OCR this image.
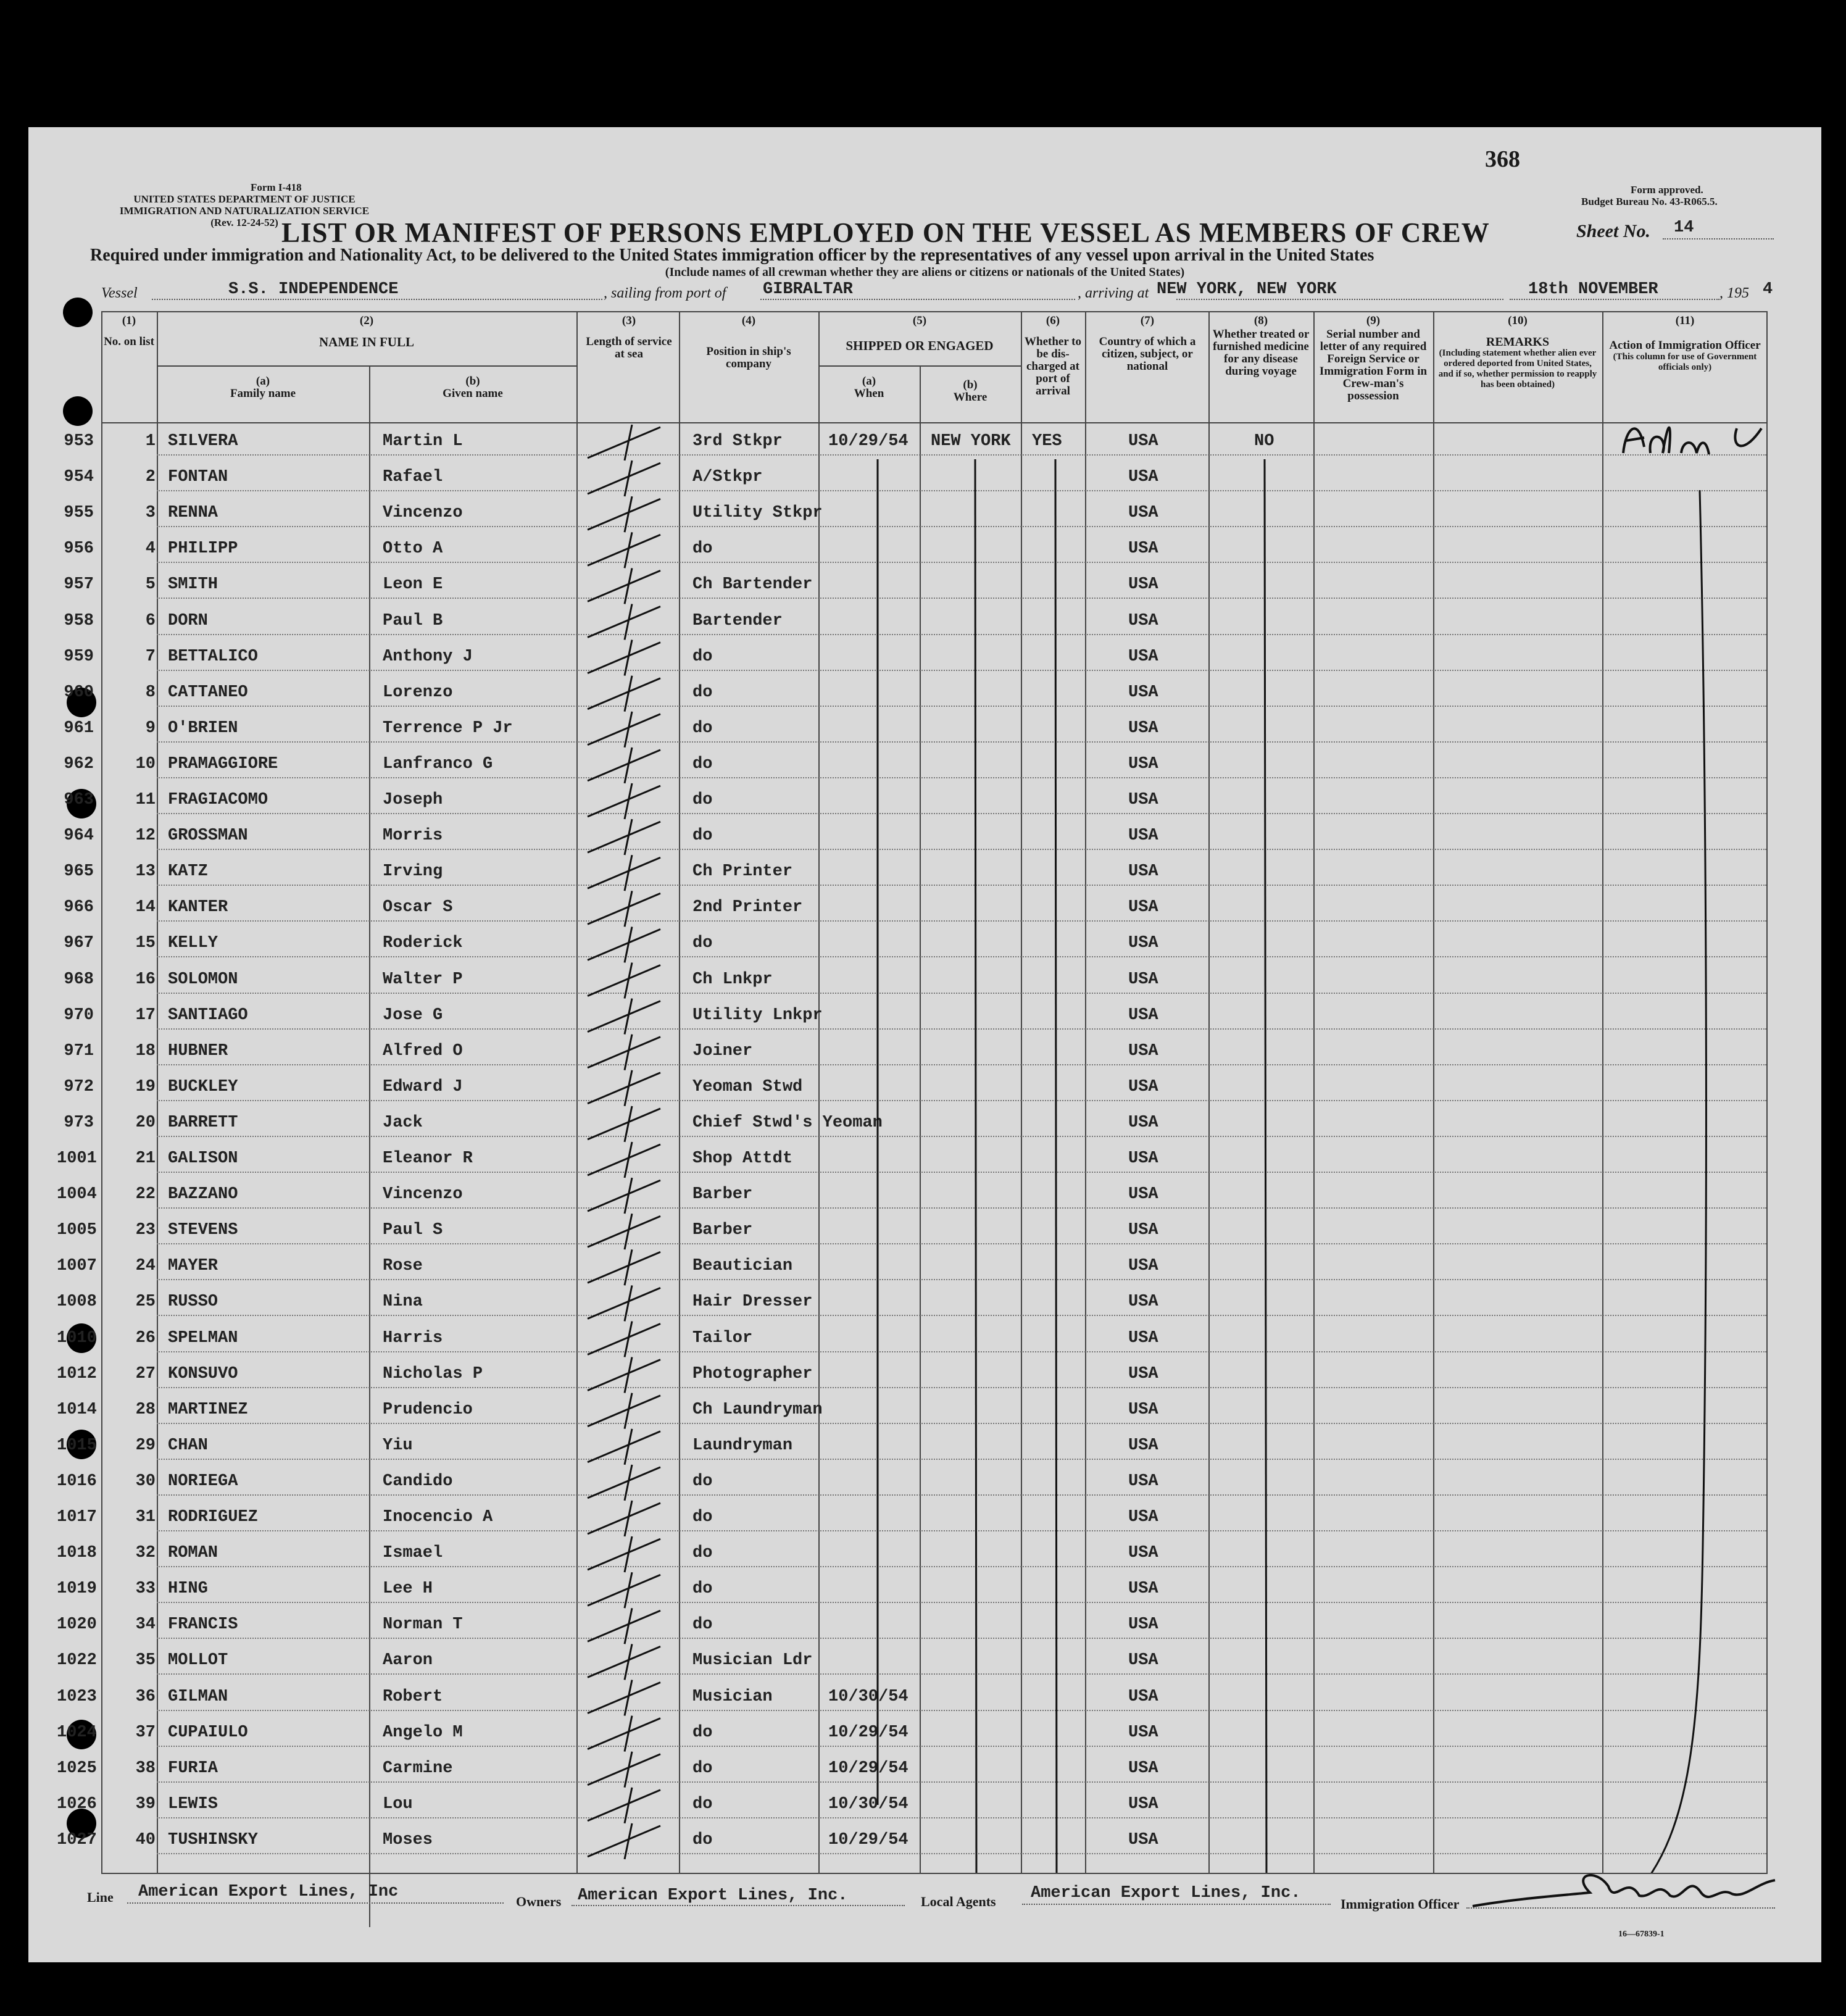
368
Form I-418
UNITED STATES DEPARTMENT OF JUSTICE
IMMIGRATION AND NATURALIZATION SERVICE
(Rev. 12-24-52)
Form approved.
Budget Bureau No. 43-R065.5.
LIST OR MANIFEST OF PERSONS EMPLOYED ON THE VESSEL AS MEMBERS OF CREW	Sheet No. 14
Required under immigration and Nationality Act, to be delivered to the United States immigration officer by the representatives of any vessel upon arrival in the United States
(Include names of all crewman whether they are aliens or citizens or nationals of the United States)
Vessel	S.S. INDEPENDENCE	, sailing from port of GIBRALTAR	, arriving at NEW YORK, NEW YORK	18th NOVEMBER	, 195 4
(1)
No. on list
(2)
NAME IN FULL
(a)
Family name
(b)
Given name
(3)
Length of service at sea
(4)
Position in ship's company
(5)
SHIPPED OR ENGAGED
(a)
When
(b)
Where
(6)
Whether to be dis-charged at port of arrival
(7)
Country of which a citizen, subject, or national
(8)
Whether treated or furnished medicine for any disease during voyage
(9)
Serial number and letter of any required Foreign Service or Immigration Form in Crew-man's possession
(10)
REMARKS
(Including statement whether alien ever ordered deported from United States, and if so, whether permission to reapply has been obtained)
(11)
Action of Immigration Officer
(This column for use of Government officials only)
953	1 SILVERA	Martin L	3rd Stkpr	10/29/54 NEW YORK YES	USA	NO
954	2 FONTAN	Rafael	A/Stkpr	USA
955	3 RENNA	Vincenzo	Utility Stkpr	USA
956	4 PHILIPP	Otto A	do	USA
957	5 SMITH	Leon E	Ch Bartender	USA
958	6 DORN	Paul B	Bartender	USA
959	7 BETTALICO	Anthony J	do	USA
960	8 CATTANEO	Lorenzo	do	USA
961	9 O'BRIEN	Terrence P Jr	do	USA
962	10 PRAMAGGIORE	Lanfranco G	do	USA
963	11 FRAGIACOMO	Joseph	do	USA
964	12 GROSSMAN	Morris	do	USA
965	13 KATZ	Irving	Ch Printer	USA
966	14 KANTER	Oscar S	2nd Printer	USA
967	15 KELLY	Roderick	do	USA
968	16 SOLOMON	Walter P	Ch Lnkpr	USA
970	17 SANTIAGO	Jose G	Utility Lnkpr	USA
971	18 HUBNER	Alfred O	Joiner	USA
972	19 BUCKLEY	Edward J	Yeoman Stwd	USA
973	20 BARRETT	Jack	Chief Stwd's Yeoman	USA
1001 21 GALISON	Eleanor R	Shop Attdt	USA
1004 22 BAZZANO	Vincenzo	Barber	USA
1005 23 STEVENS	Paul S	Barber	USA
1007 24 MAYER	Rose	Beautician	USA
1008 25 RUSSO	Nina	Hair Dresser	USA
1010 26 SPELMAN	Harris	Tailor	USA
1012 27 KONSUVO	Nicholas P	Photographer	USA
1014 28 MARTINEZ	Prudencio	Ch Laundryman	USA
1015 29 CHAN	Yiu	Laundryman	USA
1016 30 NORIEGA	Candido	do	USA
1017 31 RODRIGUEZ	Inocencio A	do	USA
1018 32 ROMAN	Ismael	do	USA
1019 33 HING	Lee H	do	USA
1020 34 FRANCIS	Norman T	do	USA
1022 35 MOLLOT	Aaron	Musician Ldr	USA
1023 36 GILMAN	Robert	Musician	10/30/54	USA
1024 37 CUPAIULO	Angelo M	do	10/29/54	USA
1025 38 FURIA	Carmine	do	10/29/54	USA
1026 39 LEWIS	Lou	do	10/30/54	USA
1027 40 TUSHINSKY	Moses	do	10/29/54	USA
Line American Export Lines, Inc
Owners American Export Lines, Inc.	Local Agents American Export Lines, Inc.
Immigration Officer
16—67839-1
